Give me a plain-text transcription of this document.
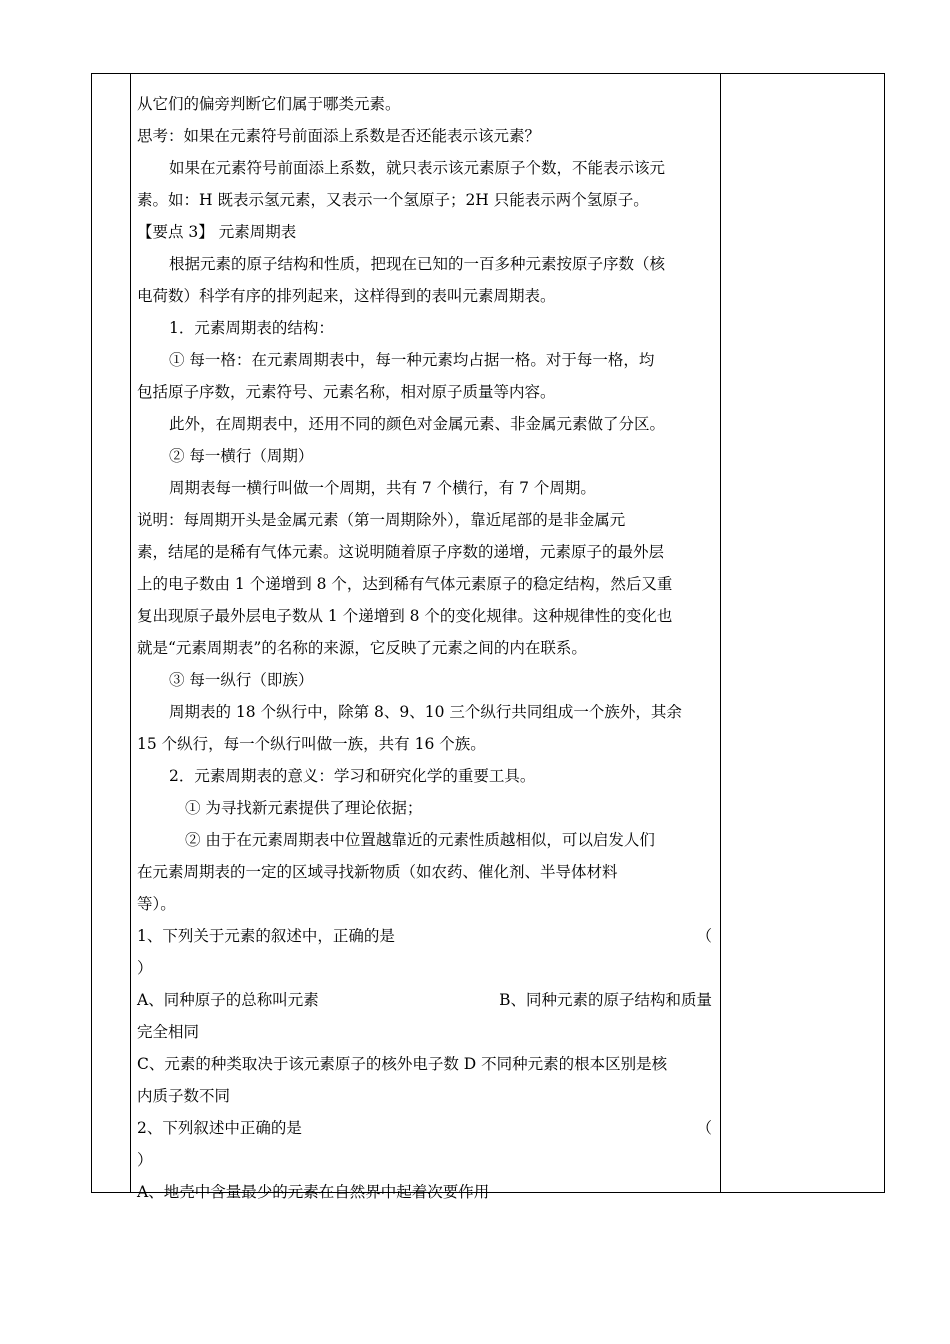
从它们的偏旁判断它们属于哪类元素。
思考：如果在元素符号前面添上系数是否还能表示该元素？
如果在元素符号前面添上系数，就只表示该元素原子个数，不能表示该元
素。如：H 既表示氢元素，又表示一个氢原子；2H 只能表示两个氢原子。
【要点 3】 元素周期表
根据元素的原子结构和性质，把现在已知的一百多种元素按原子序数（核
电荷数）科学有序的排列起来，这样得到的表叫元素周期表。
1．元素周期表的结构：
① 每一格：在元素周期表中，每一种元素均占据一格。对于每一格，均
包括原子序数，元素符号、元素名称，相对原子质量等内容。
此外，在周期表中，还用不同的颜色对金属元素、非金属元素做了分区。
② 每一横行（周期）
周期表每一横行叫做一个周期，共有 7 个横行，有 7 个周期。
说明：每周期开头是金属元素（第一周期除外），靠近尾部的是非金属元
素，结尾的是稀有气体元素。这说明随着原子序数的递增，元素原子的最外层
上的电子数由 1 个递增到 8 个，达到稀有气体元素原子的稳定结构，然后又重
复出现原子最外层电子数从 1 个递增到 8 个的变化规律。这种规律性的变化也
就是“元素周期表”的名称的来源，它反映了元素之间的内在联系。
③ 每一纵行（即族）
周期表的 18 个纵行中，除第 8、9、10 三个纵行共同组成一个族外，其余
15 个纵行，每一个纵行叫做一族，共有 16 个族。
2．元素周期表的意义：学习和研究化学的重要工具。
① 为寻找新元素提供了理论依据；
② 由于在元素周期表中位置越靠近的元素性质越相似，可以启发人们
在元素周期表的一定的区域寻找新物质（如农药、催化剂、半导体材料
等）。
1、下列关于元素的叙述中，正确的是	（
）
A、同种原子的总称叫元素	B、同种元素的原子结构和质量
完全相同
C、元素的种类取决于该元素原子的核外电子数 D 不同种元素的根本区别是核
内质子数不同
2、下列叙述中正确的是	（
）
A、地壳中含量最少的元素在自然界中起着次要作用
